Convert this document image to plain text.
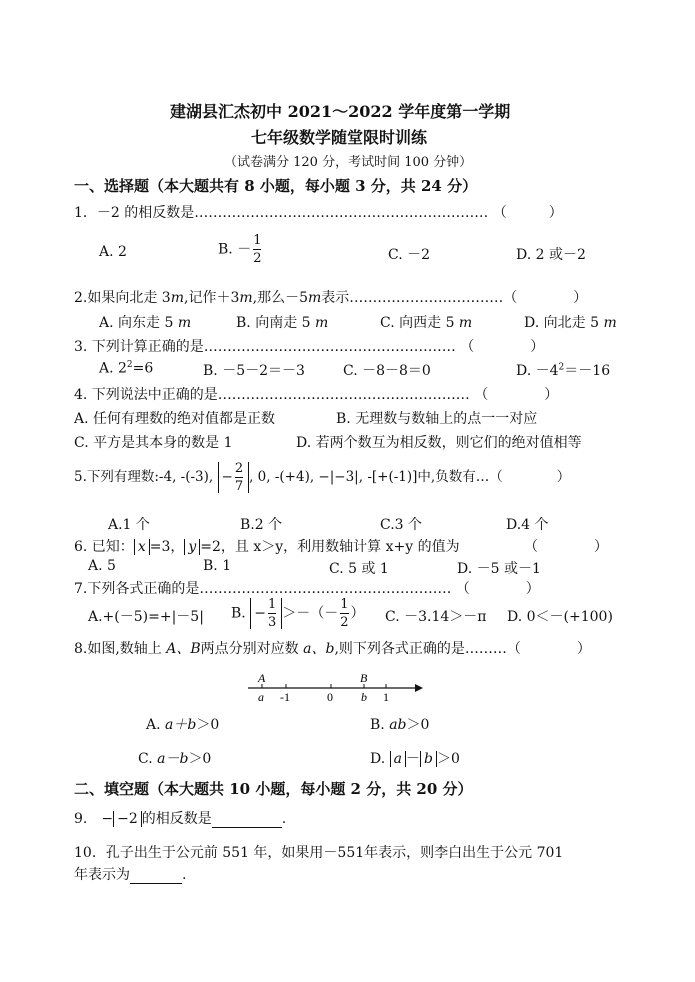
建湖县汇杰初中 2021～2022 学年度第一学期
七年级数学随堂限时训练
（试卷满分 120 分，考试时间 100 分钟）
一、选择题（本大题共有 8 小题，每小题 3 分，共 24 分）
1．－2 的相反数是……………………………………………………… （　　　）
A. 2	B. － $\frac{1}{2}$	C. －2	D. 2 或－2
2.如果向北走 3m,记作＋3m,那么－5m表示……………………………（　　　　）
A. 向东走 5 m	B. 向南走 5 m	C. 向西走 5 m	D. 向北走 5 m
3. 下列计算正确的是……………………………………………… （　　　　）
A. $2^2=6$	B. －5－2＝－3	C. －8－8＝0	D. $-4^2=-16$
4. 下列说法中正确的是……………………………………………… （　　　　）
A. 任何有理数的绝对值都是正数	B. 无理数与数轴上的点一一对应
C. 平方是其本身的数是 1	D. 若两个数互为相反数，则它们的绝对值相等
5.下列有理数:-4, -(-3), − $\frac{2}{7}$ , 0, -(+4), −|−3|, -[+(-1)]中,负数有…（　　　　）
A.1 个	B.2 个	C.3 个	D.4 个
6. 已知： x =3， y =2，且 x＞y，利用数轴计算 x+y 的值为	（　　　　）
A. 5	B. 1	C. 5 或 1	D. －5 或－1
7.下列各式正确的是……………………………………………… （　　　　）
A.+(－5)=+|－5| B. − $\frac{1}{3}$ ＞－（－ $\frac{1}{2}$ ） C. －3.14＞－π D. 0＜－(+100)
8.如图,数轴上 A、B两点分别对应数 a、b,则下列各式正确的是………（　　　　）
A
a -1	0
B
b 1
A. a＋b＞0	B. ab＞0
C. a－b＞0	D. a － b ＞0
二、填空题（本大题共 10 小题，每小题 2 分，共 20 分）
9.　− −2 的相反数是	.
10．孔子出生于公元前 551 年，如果用－551年表示，则李白出生于公元 701
年表示为	.
